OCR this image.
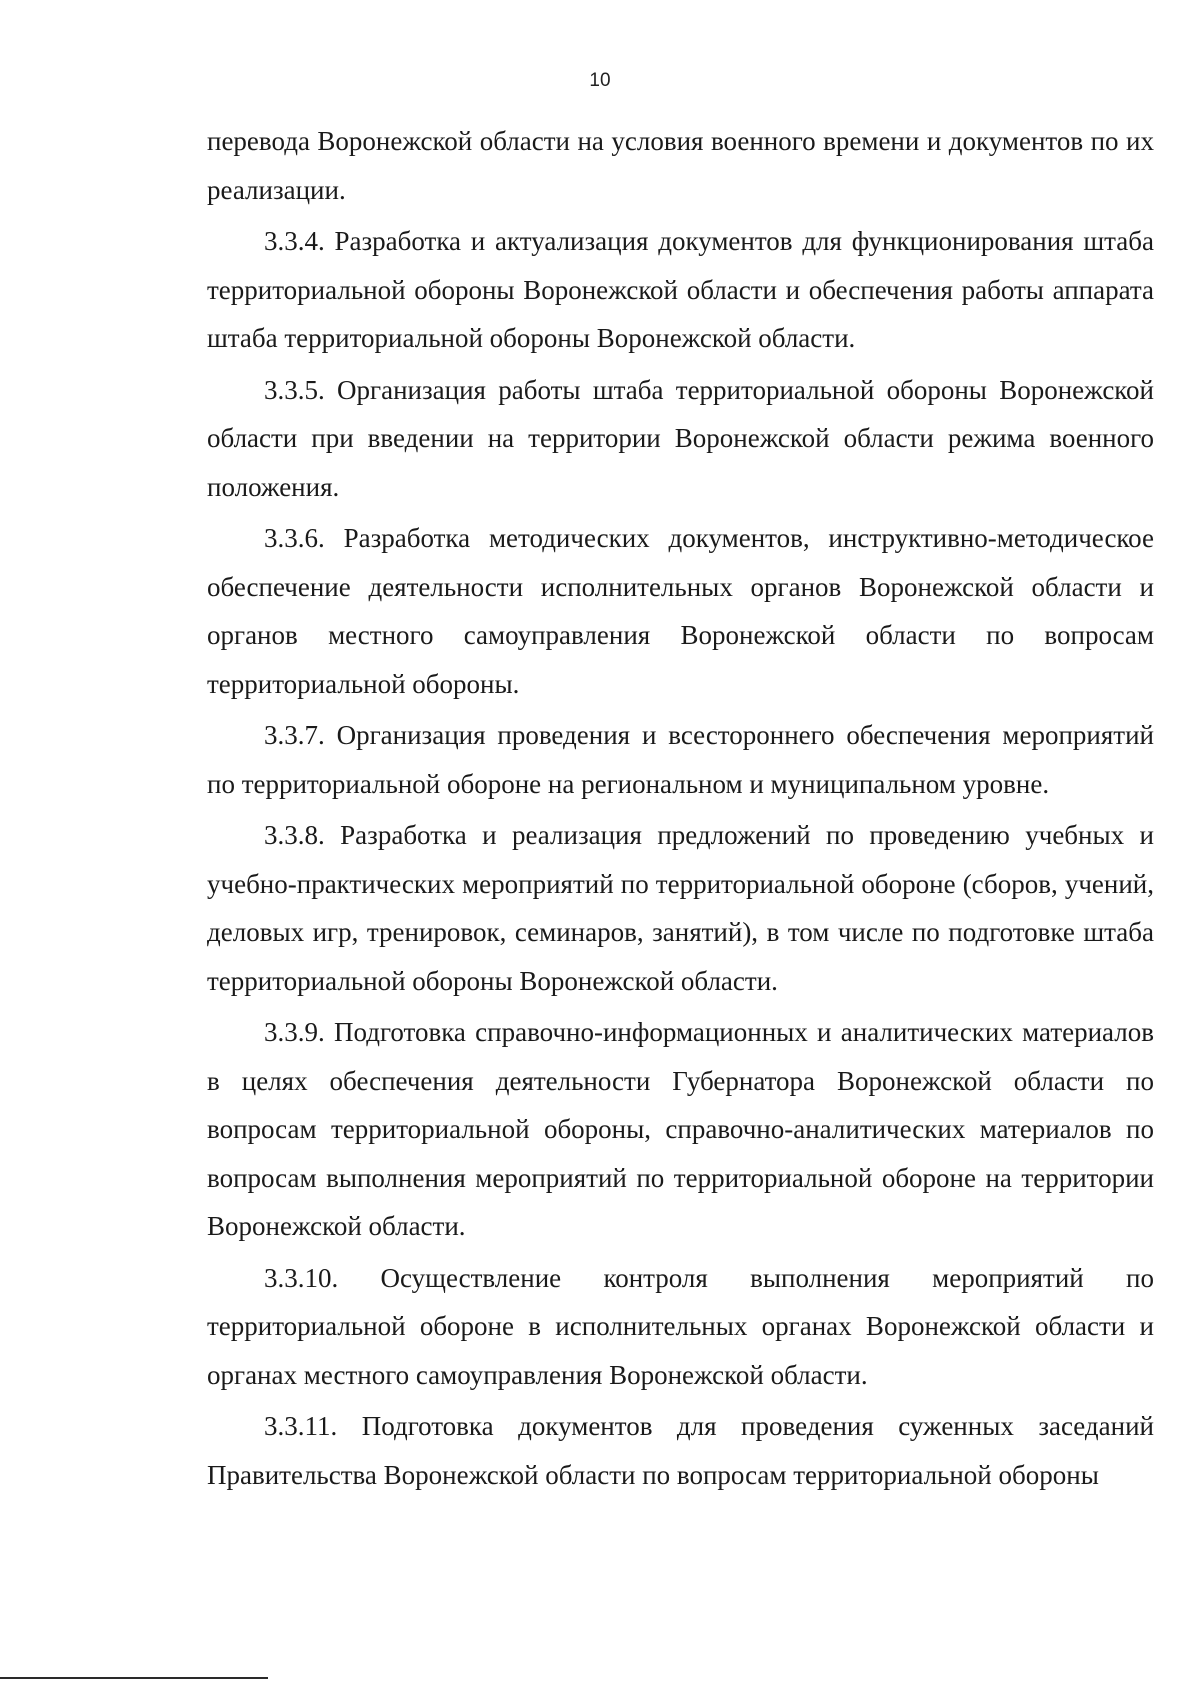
10

перевода Воронежской области на условия военного времени и документов по их реализации.

3.3.4. Разработка и актуализация документов для функционирования штаба территориальной обороны Воронежской области и обеспечения работы аппарата штаба территориальной обороны Воронежской области.

3.3.5. Организация работы штаба территориальной обороны Воронежской области при введении на территории Воронежской области режима военного положения.

3.3.6. Разработка методических документов, инструктивно-методическое обеспечение деятельности исполнительных органов Воронежской области и органов местного самоуправления Воронежской области по вопросам территориальной обороны.

3.3.7. Организация проведения и всестороннего обеспечения мероприятий по территориальной обороне на региональном и муниципальном уровне.

3.3.8. Разработка и реализация предложений по проведению учебных и учебно-практических мероприятий по территориальной обороне (сборов, учений, деловых игр, тренировок, семинаров, занятий), в том числе по подготовке штаба территориальной обороны Воронежской области.

3.3.9. Подготовка справочно-информационных и аналитических материалов в целях обеспечения деятельности Губернатора Воронежской области по вопросам территориальной обороны, справочно-аналитических материалов по вопросам выполнения мероприятий по территориальной обороне на территории Воронежской области.

3.3.10. Осуществление контроля выполнения мероприятий по территориальной обороне в исполнительных органах Воронежской области и органах местного самоуправления Воронежской области.

3.3.11. Подготовка документов для проведения суженных заседаний Правительства Воронежской области по вопросам территориальной обороны
